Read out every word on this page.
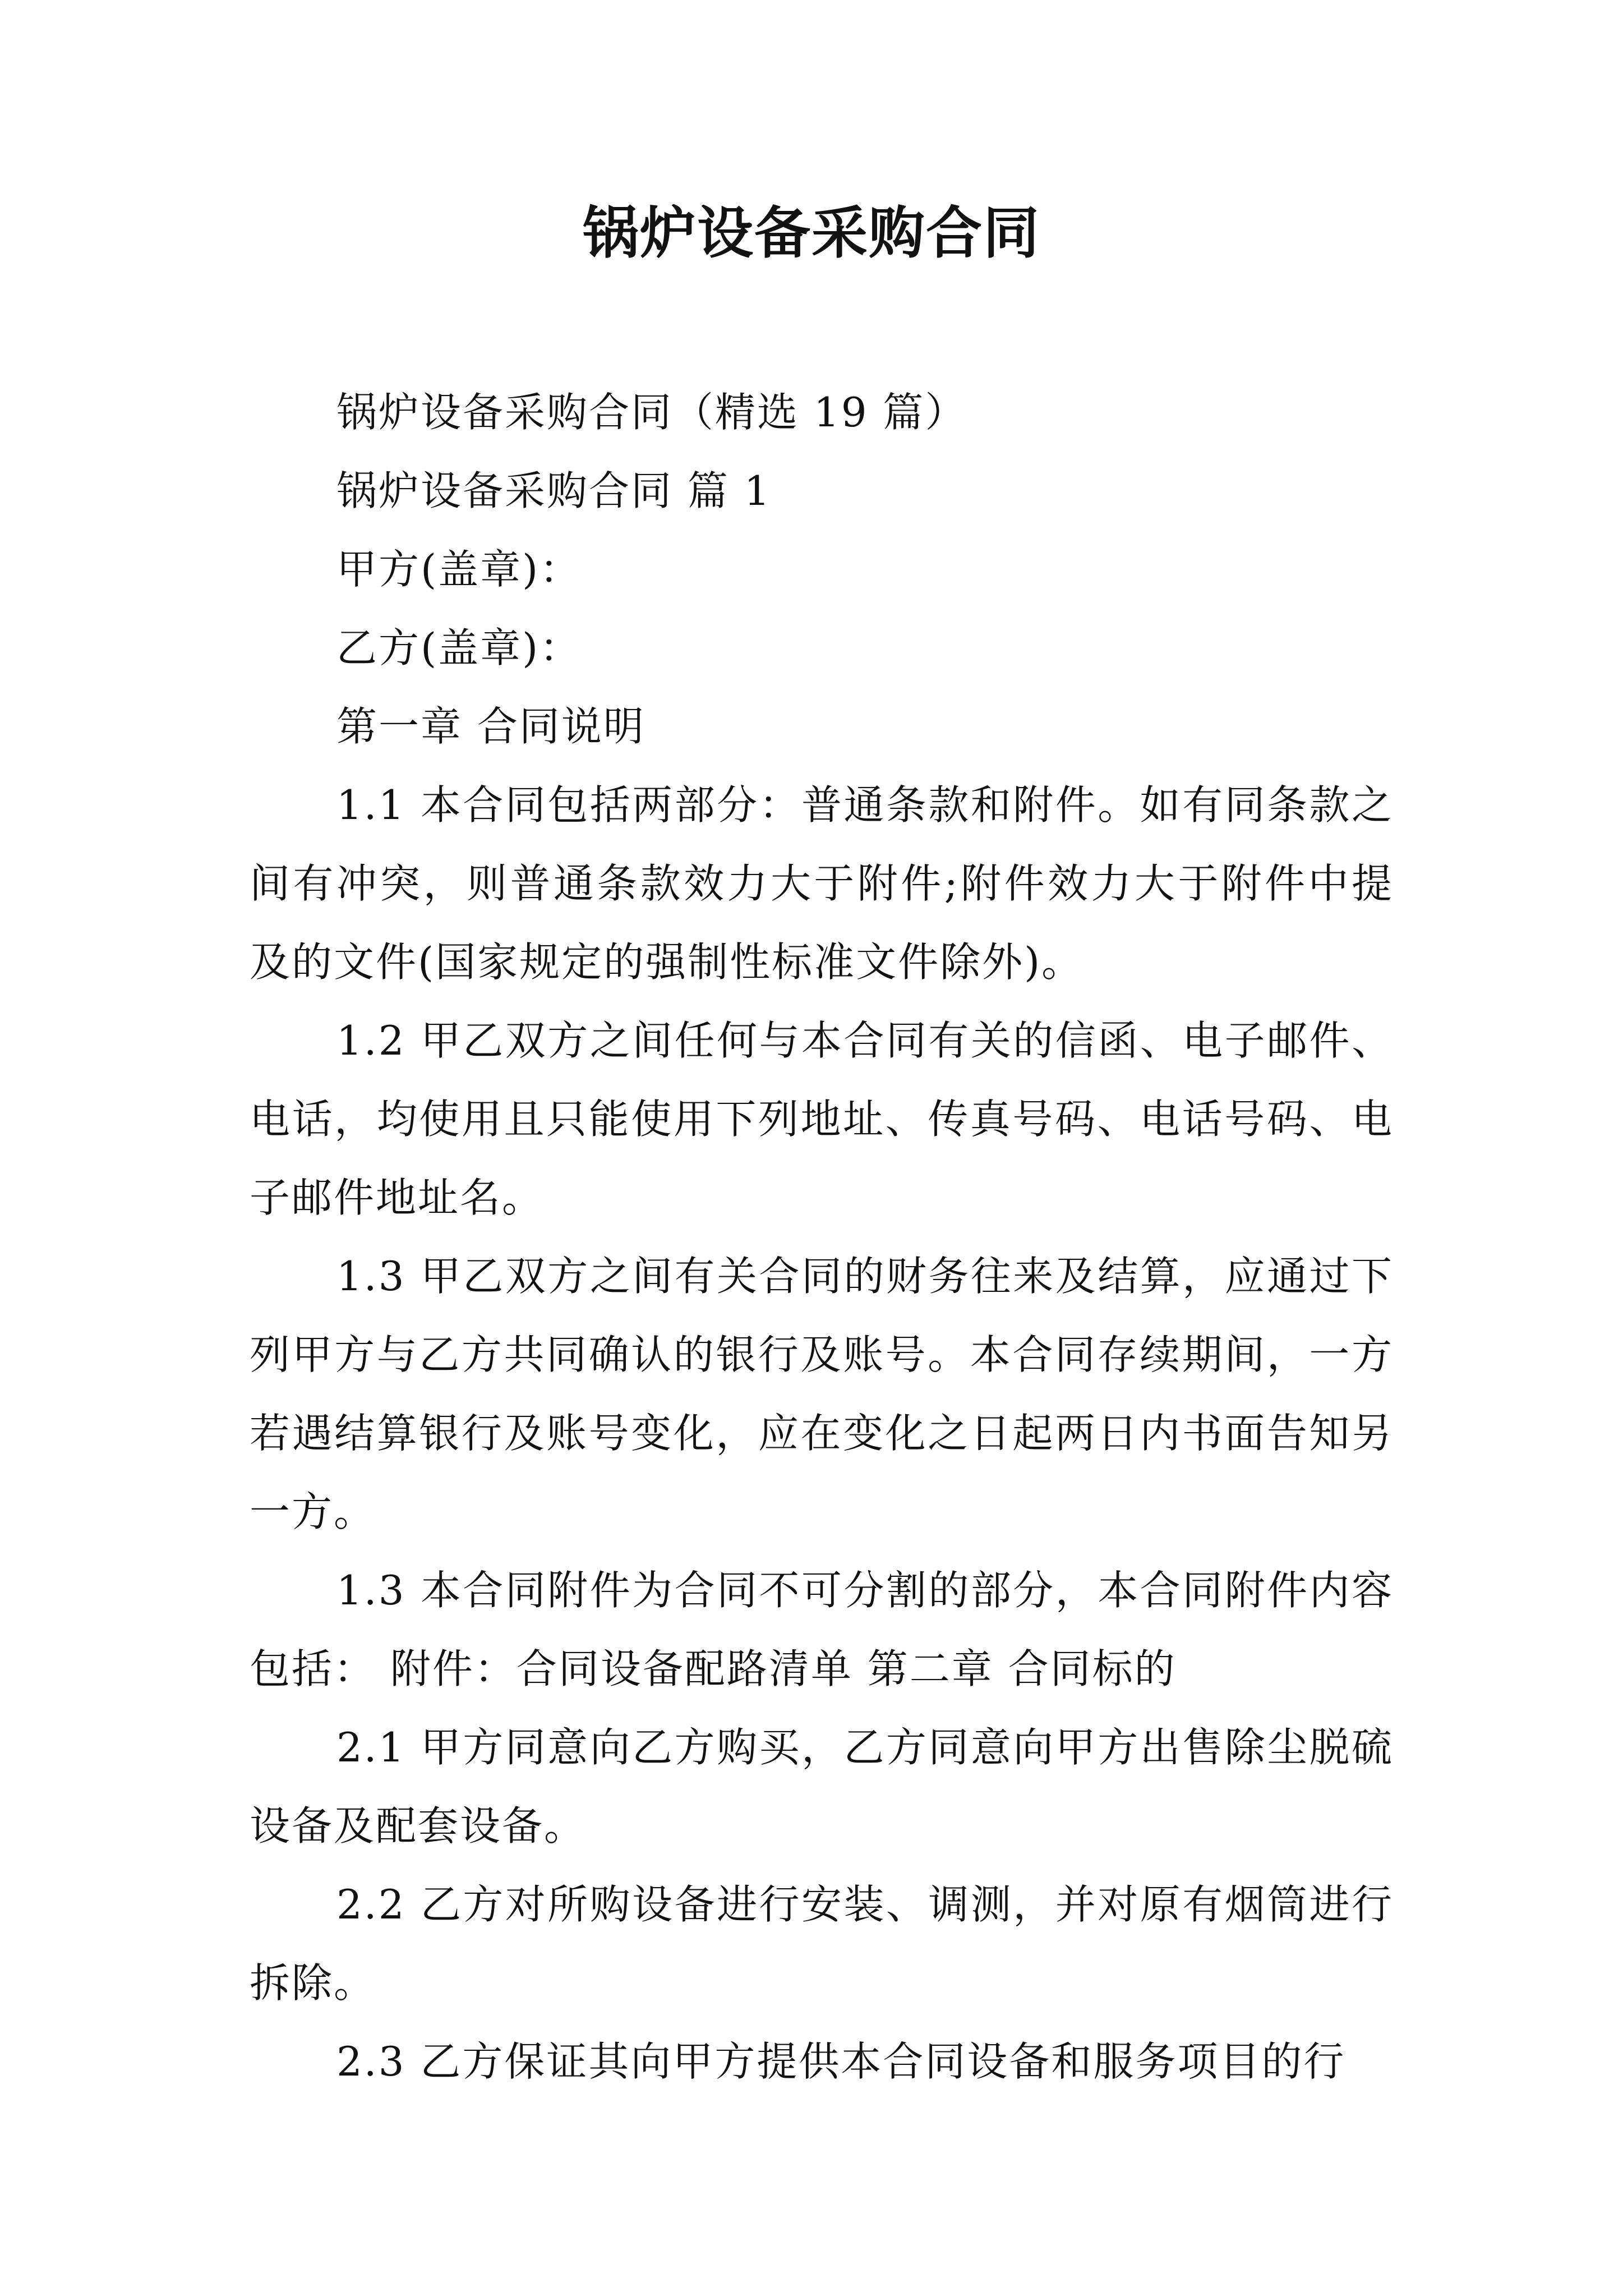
锅炉设备采购合同
锅炉设备采购合同（精选 19 篇）
锅炉设备采购合同 篇 1
甲方(盖章)：
乙方(盖章)：
第一章 合同说明
1.1 本合同包括两部分：普通条款和附件。如有同条款之间有冲突，则普通条款效力大于附件;附件效力大于附件中提及的文件(国家规定的强制性标准文件除外)。
1.2 甲乙双方之间任何与本合同有关的信函、电子邮件、电话，均使用且只能使用下列地址、传真号码、电话号码、电子邮件地址名。
1.3 甲乙双方之间有关合同的财务往来及结算，应通过下列甲方与乙方共同确认的银行及账号。本合同存续期间，一方若遇结算银行及账号变化，应在变化之日起两日内书面告知另一方。
1.3 本合同附件为合同不可分割的部分，本合同附件内容包括： 附件：合同设备配路清单 第二章 合同标的
2.1 甲方同意向乙方购买，乙方同意向甲方出售除尘脱硫设备及配套设备。
2.2 乙方对所购设备进行安装、调测，并对原有烟筒进行拆除。
2.3 乙方保证其向甲方提供本合同设备和服务项目的行
